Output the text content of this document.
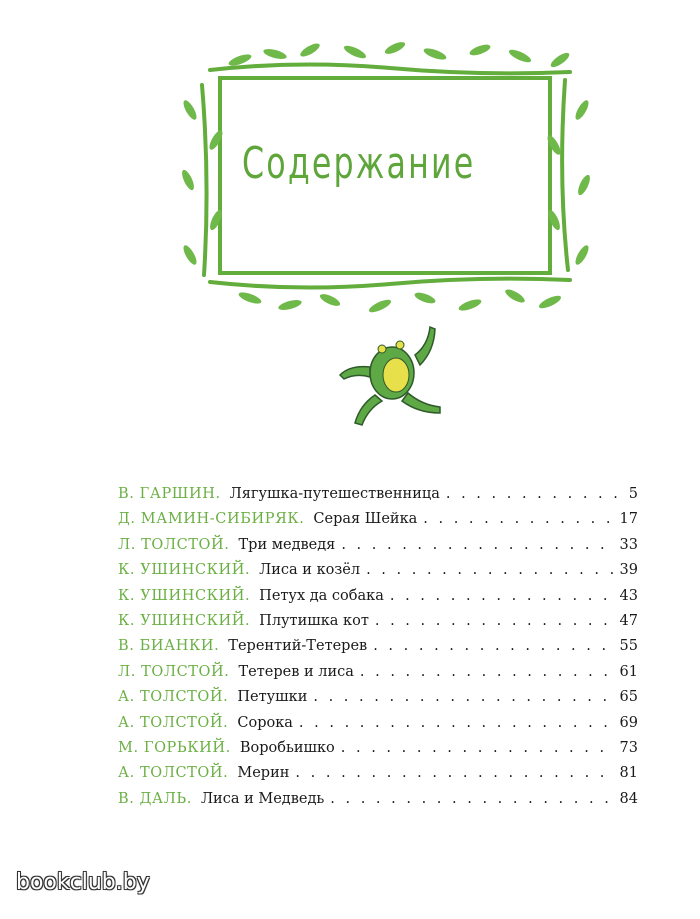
Содержание
В. ГАРШИН. Лягушка-путешественница . . .	5
Д. МАМИН-СИБИРЯК. Серая Шейка . . .	17
Л. ТОЛСТОЙ. Три медведя . . .	33
К. УШИНСКИЙ. Лиса и козёл . . .	39
К. УШИНСКИЙ. Петух да собака . . .	43
К. УШИНСКИЙ. Плутишка кот . . .	47
В. БИАНКИ. Терентий-Тетерев . . .	55
Л. ТОЛСТОЙ. Тетерев и лиса . . .	61
А. ТОЛСТОЙ. Петушки . . .	65
А. ТОЛСТОЙ. Сорока . . .	69
М. ГОРЬКИЙ. Воробьишко . . .	73
А. ТОЛСТОЙ. Мерин . . .	81
В. ДАЛЬ. Лиса и Медведь . . .	84
bookclub.by
